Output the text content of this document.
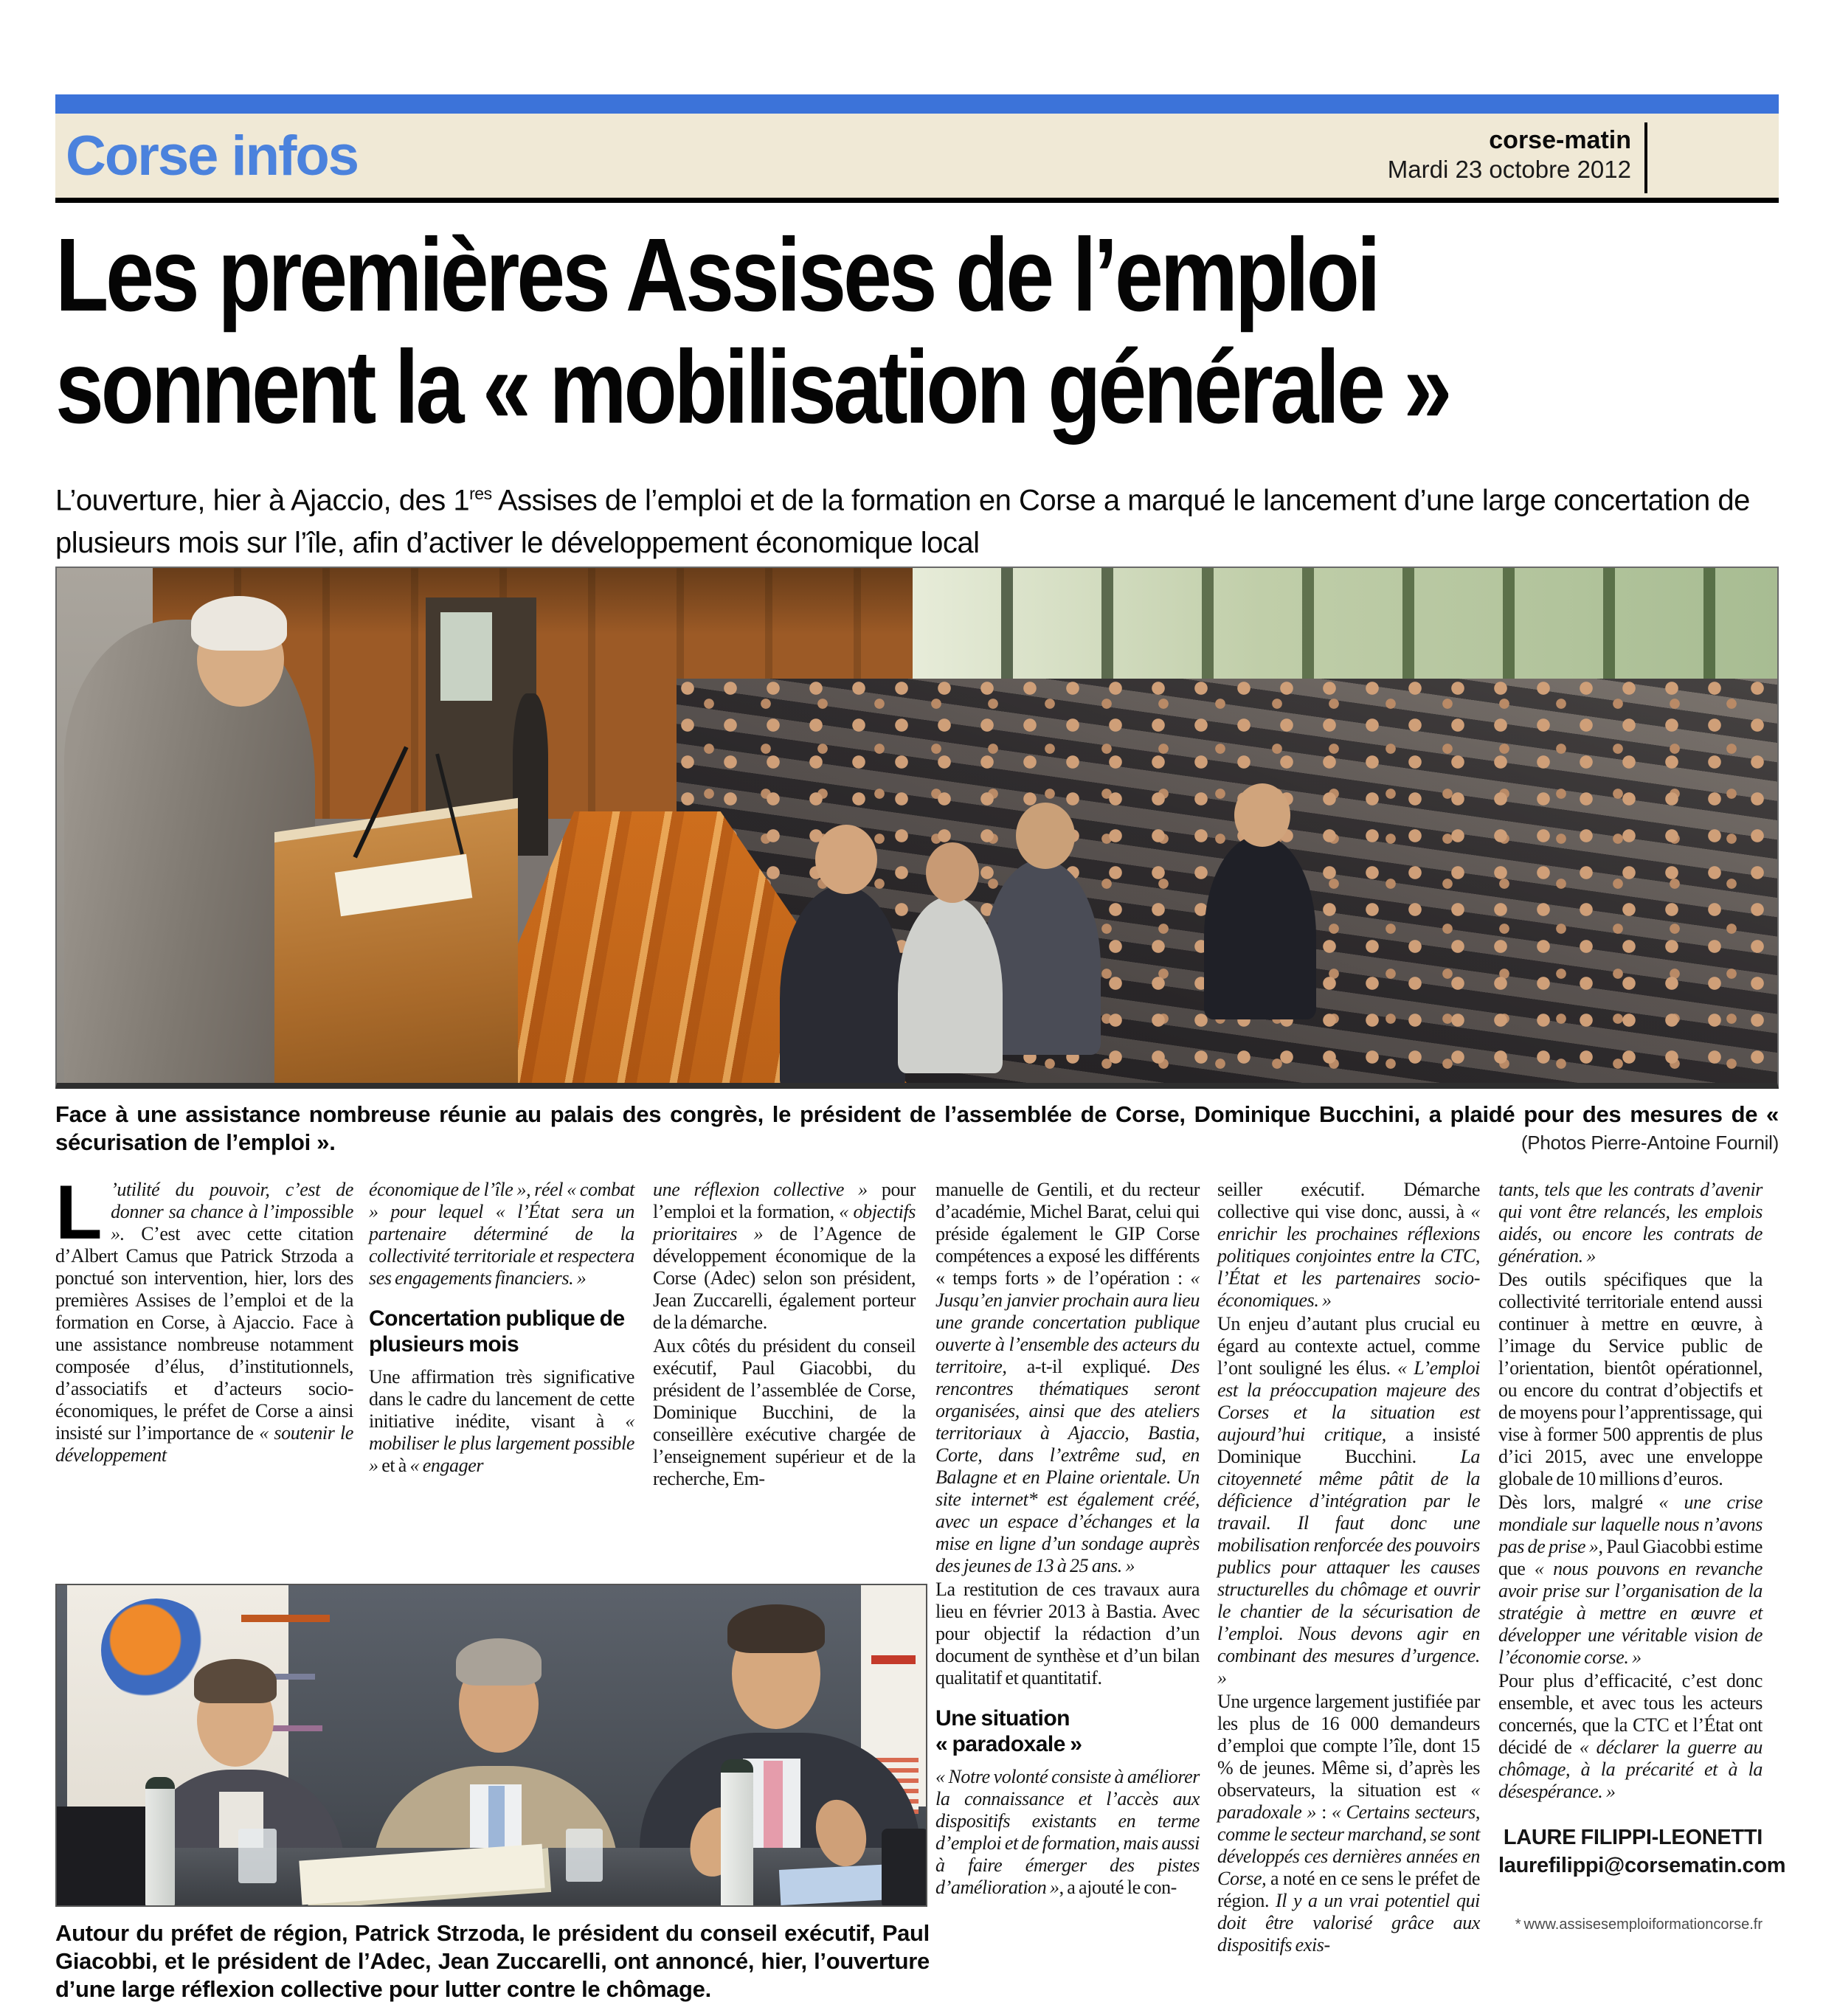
Corse infos	corse-matin
Mardi 23 octobre 2012
Les premières Assises de l’emploi
sonnent la « mobilisation générale »
L’ouverture, hier à Ajaccio, des 1res Assises de l’emploi et de la formation en Corse a marqué le lancement d’une large concertation de plusieurs mois sur l’île, afin d’activer le développement économique local
Face à une assistance nombreuse réunie au palais des congrès, le président de l’assemblée de Corse, Dominique Bucchini, a plaidé pour des mesures de « sécurisation de l’emploi ».	(Photos Pierre-Antoine Fournil)

L ’utilité du pouvoir, c’est de donner sa chance à l’impossible ». C’est avec cette citation d’Albert Camus que Patrick Strzoda a ponctué son intervention, hier, lors des premières Assises de l’emploi et de la formation en Corse, à Ajaccio. Face à une assistance nombreuse notamment composée d’élus, d’institutionnels, d’associatifs et d’acteurs socio-économiques, le préfet de Corse a ainsi insisté sur l’importance de « soutenir le développement

économique de l’île », réel « combat » pour lequel « l’État sera un partenaire déterminé de la collectivité territoriale et respectera ses engagements financiers. »

Concertation publique de plusieurs mois

Une affirmation très significative dans le cadre du lancement de cette initiative inédite, visant à « mobiliser le plus largement possible » et à « engager

une réflexion collective » pour l’emploi et la formation, « objectifs prioritaires » de l’Agence de développement économique de la Corse (Adec) selon son président, Jean Zuccarelli, également porteur de la démarche.

Aux côtés du président du conseil exécutif, Paul Giacobbi, du président de l’assemblée de Corse, Dominique Bucchini, de la conseillère exécutive chargée de l’enseignement supérieur et de la recherche, Em-

manuelle de Gentili, et du recteur d’académie, Michel Barat, celui qui préside également le GIP Corse compétences a exposé les différents « temps forts » de l’opération : « Jusqu’en janvier prochain aura lieu une grande concertation publique ouverte à l’ensemble des acteurs du territoire, a-t-il expliqué. Des rencontres thématiques seront organisées, ainsi que des ateliers territoriaux à Ajaccio, Bastia, Corte, dans l’extrême sud, en Balagne et en Plaine orientale. Un site internet* est également créé, avec un espace d’échanges et la mise en ligne d’un sondage auprès des jeunes de 13 à 25 ans. »

La restitution de ces travaux aura lieu en février 2013 à Bastia. Avec pour objectif la rédaction d’un document de synthèse et d’un bilan qualitatif et quantitatif.

Une situation
« paradoxale »

« Notre volonté consiste à améliorer la connaissance et l’accès aux dispositifs existants en terme d’emploi et de formation, mais aussi à faire émerger des pistes d’amélioration », a ajouté le con-

seiller exécutif. Démarche collective qui vise donc, aussi, à « enrichir les prochaines réflexions politiques conjointes entre la CTC, l’État et les partenaires socio-économiques. »

Un enjeu d’autant plus crucial eu égard au contexte actuel, comme l’ont souligné les élus. « L’emploi est la préoccupation majeure des Corses et la situation est aujourd’hui critique, a insisté Dominique Bucchini. La citoyenneté même pâtit de la déficience d’intégration par le travail. Il faut donc une mobilisation renforcée des pouvoirs publics pour attaquer les causes structurelles du chômage et ouvrir le chantier de la sécurisation de l’emploi. Nous devons agir en combinant des mesures d’urgence. »

Une urgence largement justifiée par les plus de 16 000 demandeurs d’emploi que compte l’île, dont 15 % de jeunes. Même si, d’après les observateurs, la situation est « paradoxale » : « Certains secteurs, comme le secteur marchand, se sont développés ces dernières années en Corse, a noté en ce sens le préfet de région. Il y a un vrai potentiel qui doit être valorisé grâce aux dispositifs exis-

tants, tels que les contrats d’avenir qui vont être relancés, les emplois aidés, ou encore les contrats de génération. »

Des outils spécifiques que la collectivité territoriale entend aussi continuer à mettre en œuvre, à l’image du Service public de l’orientation, bientôt opérationnel, ou encore du contrat d’objectifs et de moyens pour l’apprentissage, qui vise à former 500 apprentis de plus d’ici 2015, avec une enveloppe globale de 10 millions d’euros.

Dès lors, malgré « une crise mondiale sur laquelle nous n’avons pas de prise », Paul Giacobbi estime que « nous pouvons en revanche avoir prise sur l’organisation de la stratégie à mettre en œuvre et développer une véritable vision de l’économie corse. »

Pour plus d’efficacité, c’est donc ensemble, et avec tous les acteurs concernés, que la CTC et l’État ont décidé de « déclarer la guerre au chômage, à la précarité et à la désespérance. »

LAURE FILIPPI-LEONETTI
laurefilippi@corsematin.com
* www.assisesemploiformationcorse.fr
Autour du préfet de région, Patrick Strzoda, le président du conseil exécutif, Paul Giacobbi, et le président de l’Adec, Jean Zuccarelli, ont annoncé, hier, l’ouverture d’une large réflexion collective pour lutter contre le chômage.
